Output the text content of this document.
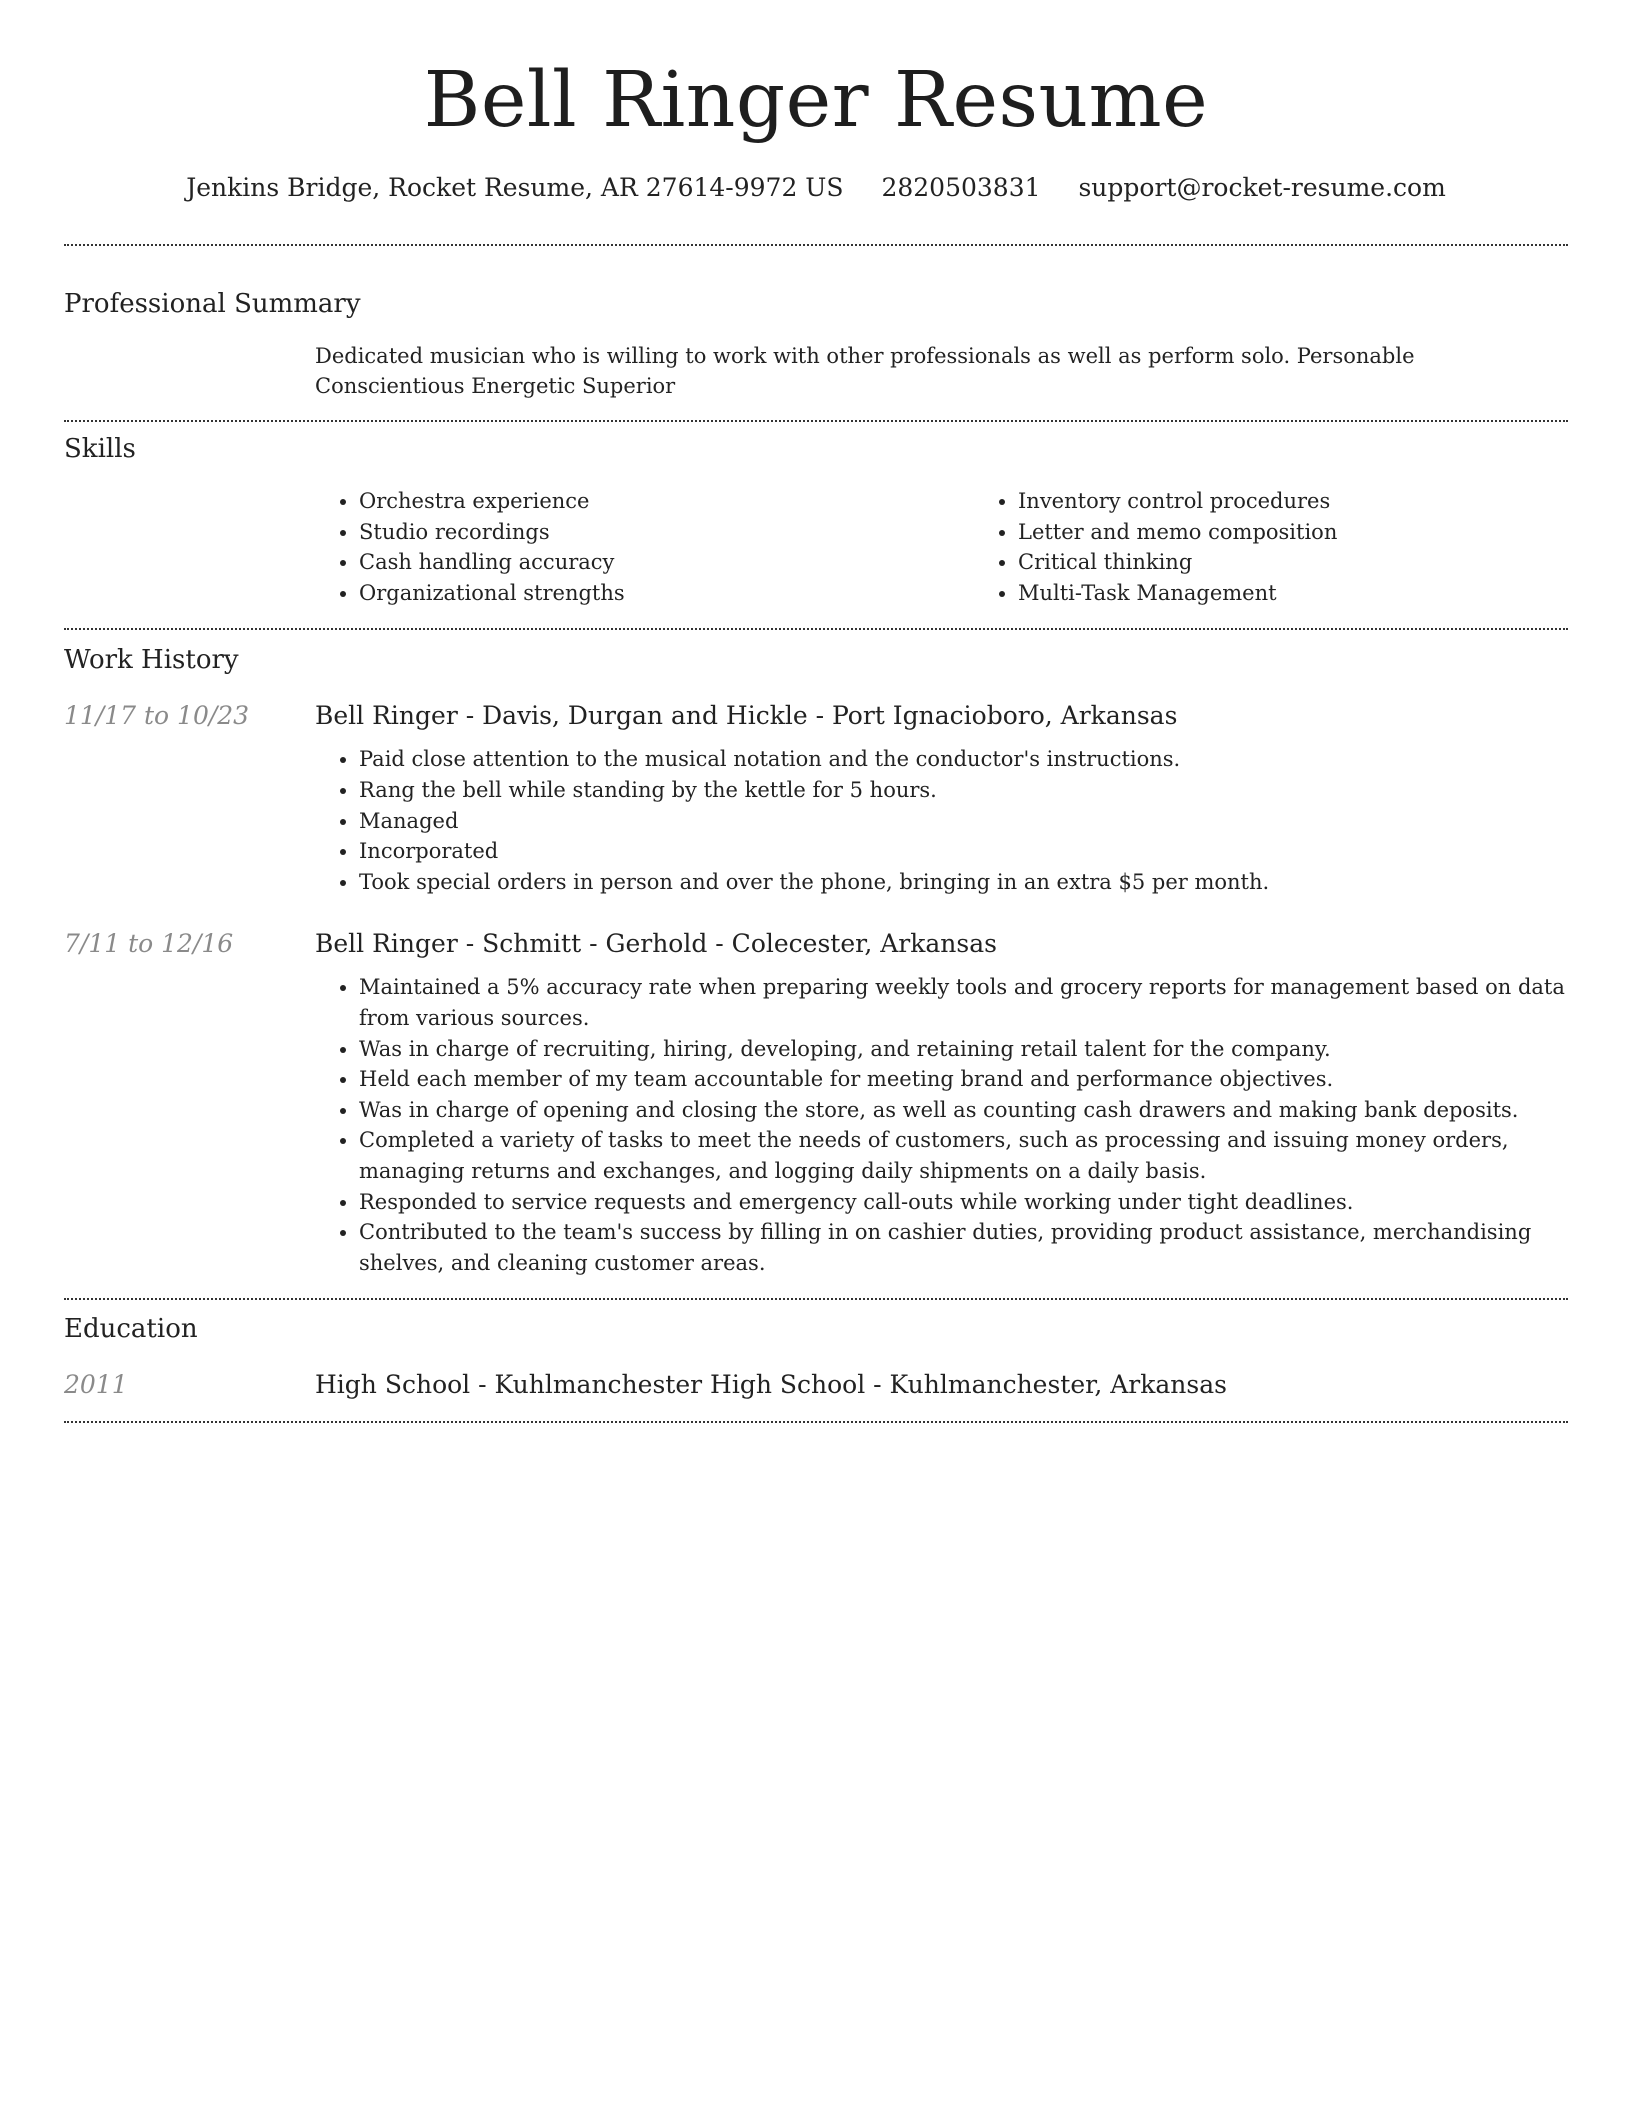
Bell Ringer Resume
Jenkins Bridge, Rocket Resume, AR 27614-9972 US 2820503831 support@rocket-resume.com
Professional Summary
Dedicated musician who is willing to work with other professionals as well as perform solo. Personable Conscientious Energetic Superior
Skills
• Orchestra experience
• Studio recordings
• Cash handling accuracy
• Organizational strengths
• Inventory control procedures
• Letter and memo composition
• Critical thinking
• Multi-Task Management
Work History
11/17 to 10/23	Bell Ringer - Davis, Durgan and Hickle - Port Ignacioboro, Arkansas
• Paid close attention to the musical notation and the conductor's instructions.
• Rang the bell while standing by the kettle for 5 hours.
• Managed
• Incorporated
• Took special orders in person and over the phone, bringing in an extra $5 per month.
7/11 to 12/16	Bell Ringer - Schmitt - Gerhold - Colecester, Arkansas
• Maintained a 5% accuracy rate when preparing weekly tools and grocery reports for management based on data from various sources.
• Was in charge of recruiting, hiring, developing, and retaining retail talent for the company.
• Held each member of my team accountable for meeting brand and performance objectives.
• Was in charge of opening and closing the store, as well as counting cash drawers and making bank deposits.
• Completed a variety of tasks to meet the needs of customers, such as processing and issuing money orders, managing returns and exchanges, and logging daily shipments on a daily basis.
• Responded to service requests and emergency call-outs while working under tight deadlines.
• Contributed to the team's success by filling in on cashier duties, providing product assistance, merchandising shelves, and cleaning customer areas.
Education
2011	High School - Kuhlmanchester High School - Kuhlmanchester, Arkansas
